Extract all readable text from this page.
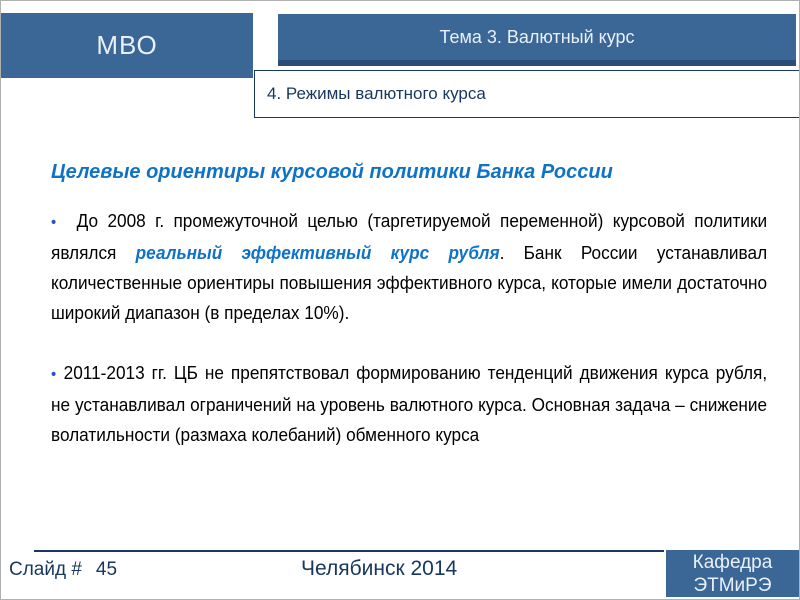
МВО	Тема 3. Валютный курс
4. Режимы валютного курса
Целевые ориентиры курсовой политики Банка России

• До 2008 г. промежуточной целью (таргетируемой переменной) курсовой политики являлся реальный эффективный курс рубля. Банк России устанавливал количественные ориентиры повышения эффективного курса, которые имели достаточно широкий диапазон (в пределах 10%).

• 2011-2013 гг. ЦБ не препятствовал формированию тенденций движения курса рубля, не устанавливал ограничений на уровень валютного курса. Основная задача – снижение волатильности (размаха колебаний) обменного курса

Слайд # 45	Челябинск 2014	Кафедра
ЭТМиРЭ
